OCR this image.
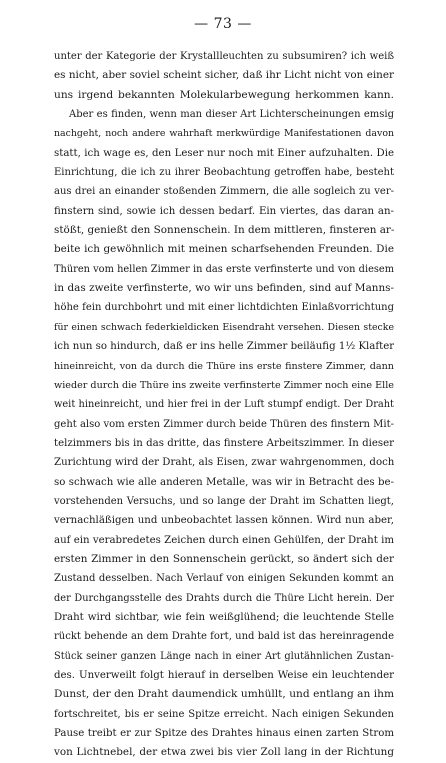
— 73 —
unter der Kategorie der Krystallleuchten zu subsumiren? ich weiß
es nicht, aber soviel scheint sicher, daß ihr Licht nicht von einer
uns irgend bekannten Molekularbewegung herkommen kann.
Aber es finden, wenn man dieser Art Lichterscheinungen emsig
nachgeht, noch andere wahrhaft merkwürdige Manifestationen davon
statt, ich wage es, den Leser nur noch mit Einer aufzuhalten. Die
Einrichtung, die ich zu ihrer Beobachtung getroffen habe, besteht
aus drei an einander stoßenden Zimmern, die alle sogleich zu ver-
finstern sind, sowie ich dessen bedarf. Ein viertes, das daran an-
stößt, genießt den Sonnenschein. In dem mittleren, finsteren ar-
beite ich gewöhnlich mit meinen scharfsehenden Freunden. Die
Thüren vom hellen Zimmer in das erste verfinsterte und von diesem
in das zweite verfinsterte, wo wir uns befinden, sind auf Manns-
höhe fein durchbohrt und mit einer lichtdichten Einlaßvorrichtung
für einen schwach federkieldicken Eisendraht versehen. Diesen stecke
ich nun so hindurch, daß er ins helle Zimmer beiläufig 1½ Klafter
hineinreicht, von da durch die Thüre ins erste finstere Zimmer, dann
wieder durch die Thüre ins zweite verfinsterte Zimmer noch eine Elle
weit hineinreicht, und hier frei in der Luft stumpf endigt. Der Draht
geht also vom ersten Zimmer durch beide Thüren des finstern Mit-
telzimmers bis in das dritte, das finstere Arbeitszimmer. In dieser
Zurichtung wird der Draht, als Eisen, zwar wahrgenommen, doch
so schwach wie alle anderen Metalle, was wir in Betracht des be-
vorstehenden Versuchs, und so lange der Draht im Schatten liegt,
vernachläßigen und unbeobachtet lassen können. Wird nun aber,
auf ein verabredetes Zeichen durch einen Gehülfen, der Draht im
ersten Zimmer in den Sonnenschein gerückt, so ändert sich der
Zustand desselben. Nach Verlauf von einigen Sekunden kommt an
der Durchgangsstelle des Drahts durch die Thüre Licht herein. Der
Draht wird sichtbar, wie fein weißglühend; die leuchtende Stelle
rückt behende an dem Drahte fort, und bald ist das hereinragende
Stück seiner ganzen Länge nach in einer Art glutähnlichen Zustan-
des. Unverweilt folgt hierauf in derselben Weise ein leuchtender
Dunst, der den Draht daumendick umhüllt, und entlang an ihm
fortschreitet, bis er seine Spitze erreicht. Nach einigen Sekunden
Pause treibt er zur Spitze des Drahtes hinaus einen zarten Strom
von Lichtnebel, der etwa zwei bis vier Zoll lang in der Richtung
